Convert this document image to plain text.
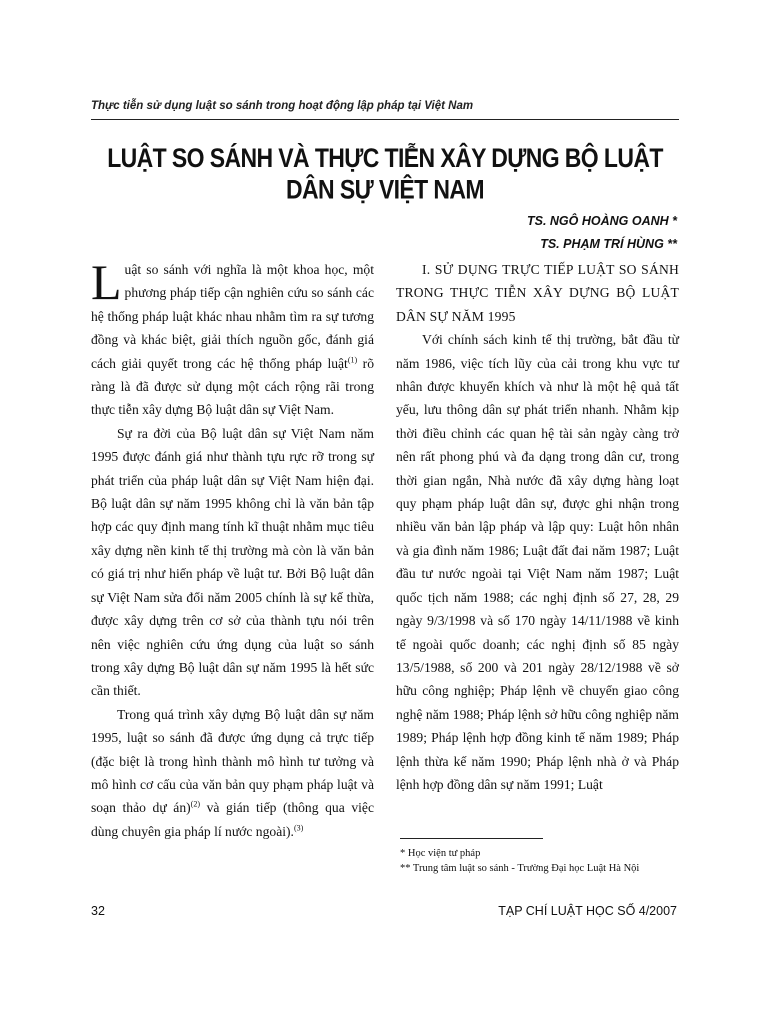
Thực tiễn sử dụng luật so sánh trong hoạt động lập pháp tại Việt Nam
LUẬT SO SÁNH VÀ THỰC TIỄN XÂY DỰNG BỘ LUẬT DÂN SỰ VIỆT NAM
TS. NGÔ HOÀNG OANH *
TS. PHẠM TRÍ HÙNG **

Luật so sánh với nghĩa là một khoa học, một phương pháp tiếp cận nghiên cứu so sánh các hệ thống pháp luật khác nhau nhằm tìm ra sự tương đồng và khác biệt, giải thích nguồn gốc, đánh giá cách giải quyết trong các hệ thống pháp luật$^{(1)}$ rõ ràng là đã được sử dụng một cách rộng rãi trong thực tiễn xây dựng Bộ luật dân sự Việt Nam.

Sự ra đời của Bộ luật dân sự Việt Nam năm 1995 được đánh giá như thành tựu rực rỡ trong sự phát triển của pháp luật dân sự Việt Nam hiện đại. Bộ luật dân sự năm 1995 không chỉ là văn bản tập hợp các quy định mang tính kĩ thuật nhằm mục tiêu xây dựng nền kinh tế thị trường mà còn là văn bản có giá trị như hiến pháp về luật tư. Bởi Bộ luật dân sự Việt Nam sửa đổi năm 2005 chính là sự kế thừa, được xây dựng trên cơ sở của thành tựu nói trên nên việc nghiên cứu ứng dụng của luật so sánh trong xây dựng Bộ luật dân sự năm 1995 là hết sức cần thiết.

Trong quá trình xây dựng Bộ luật dân sự năm 1995, luật so sánh đã được ứng dụng cả trực tiếp (đặc biệt là trong hình thành mô hình tư tưởng và mô hình cơ cấu của văn bản quy phạm pháp luật và soạn thảo dự án)$^{(2)}$ và gián tiếp (thông qua việc dùng chuyên gia pháp lí nước ngoài).$^{(3)}$

I. SỬ DỤNG TRỰC TIẾP LUẬT SO SÁNH TRONG THỰC TIỄN XÂY DỰNG BỘ LUẬT DÂN SỰ NĂM 1995

Với chính sách kinh tế thị trường, bắt đầu từ năm 1986, việc tích lũy của cải trong khu vực tư nhân được khuyến khích và như là một hệ quả tất yếu, lưu thông dân sự phát triển nhanh. Nhằm kịp thời điều chỉnh các quan hệ tài sản ngày càng trở nên rất phong phú và đa dạng trong dân cư, trong thời gian ngắn, Nhà nước đã xây dựng hàng loạt quy phạm pháp luật dân sự, được ghi nhận trong nhiều văn bản lập pháp và lập quy: Luật hôn nhân và gia đình năm 1986; Luật đất đai năm 1987; Luật đầu tư nước ngoài tại Việt Nam năm 1987; Luật quốc tịch năm 1988; các nghị định số 27, 28, 29 ngày 9/3/1998 và số 170 ngày 14/11/1988 về kinh tế ngoài quốc doanh; các nghị định số 85 ngày 13/5/1988, số 200 và 201 ngày 28/12/1988 về sở hữu công nghiệp; Pháp lệnh về chuyển giao công nghệ năm 1988; Pháp lệnh sở hữu công nghiệp năm 1989; Pháp lệnh hợp đồng kinh tế năm 1989; Pháp lệnh thừa kế năm 1990; Pháp lệnh nhà ở và Pháp lệnh hợp đồng dân sự năm 1991; Luật

* Học viện tư pháp
** Trung tâm luật so sánh - Trường Đại học Luật Hà Nội
32	TẠP CHÍ LUẬT HỌC SỐ 4/2007
